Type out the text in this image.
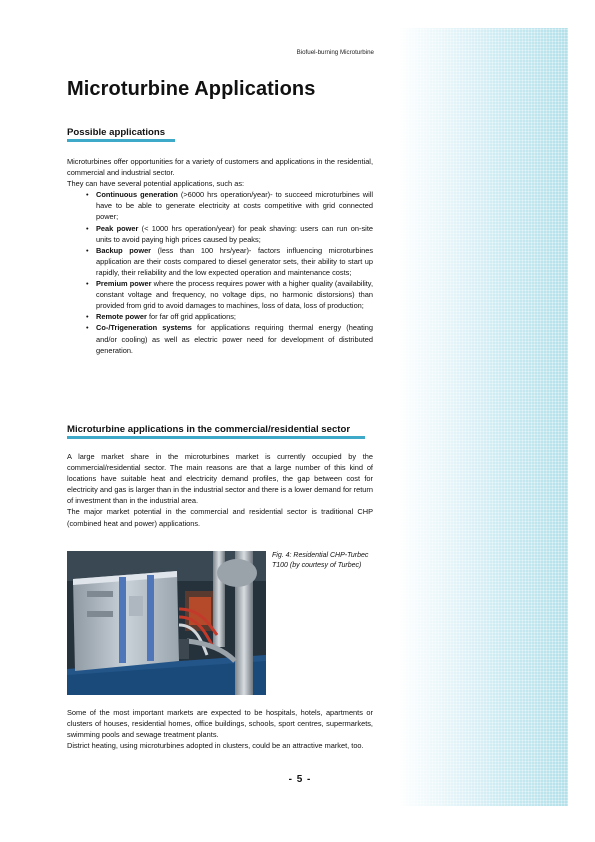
Biofuel-burning Microturbine
Microturbine Applications
Possible applications

Microturbines offer opportunities for a variety of customers and applications in the residential, commercial and industrial sector.

They can have several potential applications, such as:

• Continuous generation (>6000 hrs operation/year)- to succeed microturbines will have to be able to generate electricity at costs competitive with grid connected power;
• Peak power (< 1000 hrs operation/year) for peak shaving: users can run on-site units to avoid paying high prices caused by peaks;
• Backup power (less than 100 hrs/year)- factors influencing microturbines application are their costs compared to diesel generator sets, their ability to start up rapidly, their reliability and the low expected operation and maintenance costs;
• Premium power where the process requires power with a higher quality (availability, constant voltage and frequency, no voltage dips, no harmonic distorsions) than provided from grid to avoid damages to machines, loss of data, loss of production;
• Remote power for far off grid applications;
• Co-/Trigeneration systems for applications requiring thermal energy (heating and/or cooling) as well as electric power need for development of distributed generation.
Microturbine applications in the commercial/residential sector

A large market share in the microturbines market is currently occupied by the commercial/residential sector. The main reasons are that a large number of this kind of locations have suitable heat and electricity demand profiles, the gap between cost for electricity and gas is larger than in the industrial sector and there is a lower demand for return of investment than in the industrial area.

The major market potential in the commercial and residential sector is traditional CHP (combined heat and power) applications.

Fig. 4: Residential CHP-Turbec T100 (by courtesy of Turbec)

Some of the most important markets are expected to be hospitals, hotels, apartments or clusters of houses, residential homes, office buildings, schools, sport centres, supermarkets, swimming pools and sewage treatment plants.

District heating, using microturbines adopted in clusters, could be an attractive market, too.

- 5 -
